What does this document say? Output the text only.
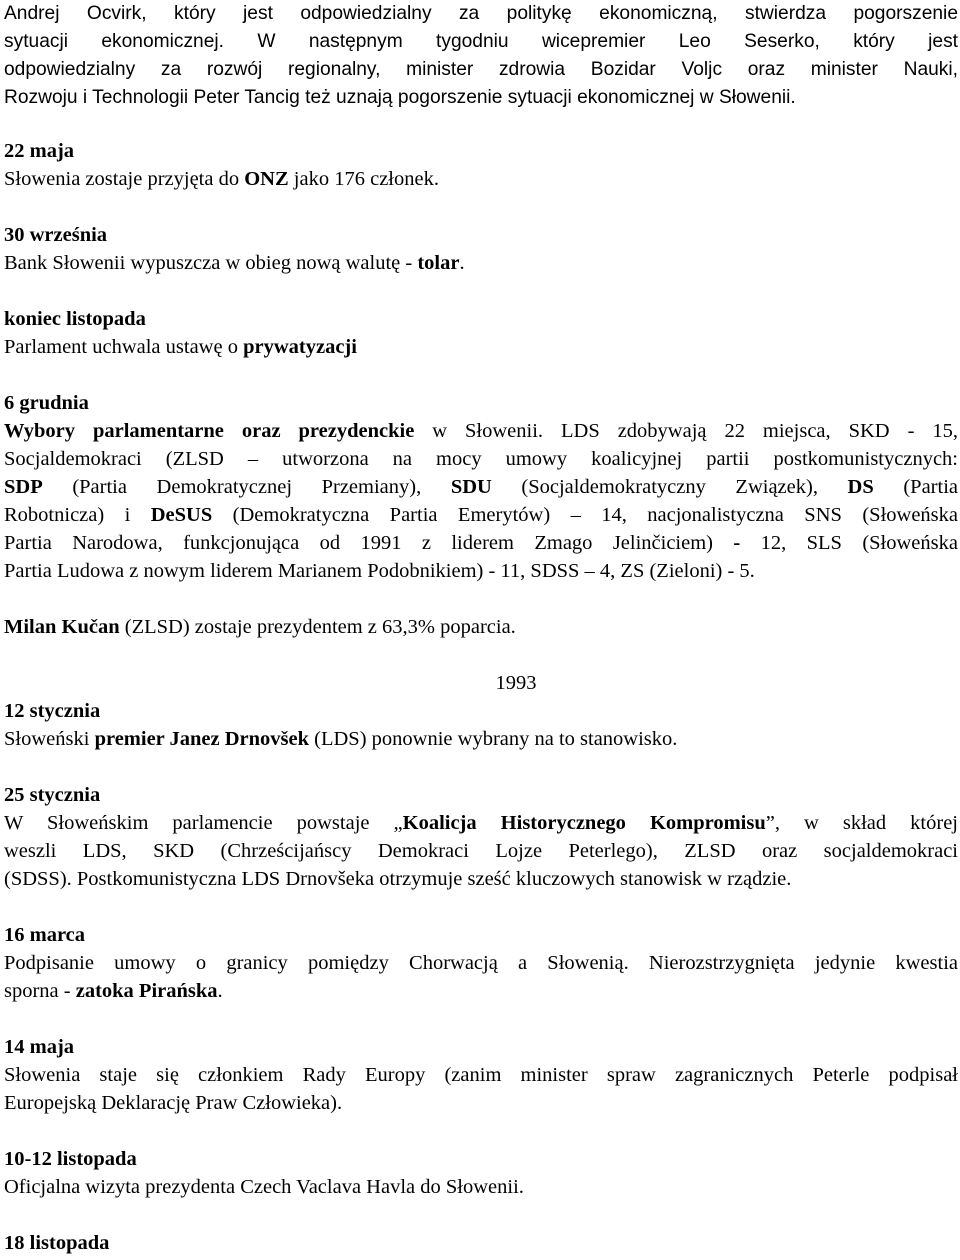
Andrej Ocvirk, który jest odpowiedzialny za politykę ekonomiczną, stwierdza pogorszenie

sytuacji ekonomicznej. W następnym tygodniu wicepremier Leo Seserko, który jest

odpowiedzialny za rozwój regionalny, minister zdrowia Bozidar Voljc oraz minister Nauki,

Rozwoju i Technologii Peter Tancig też uznają pogorszenie sytuacji ekonomicznej w Słowenii.

22 maja

Słowenia zostaje przyjęta do ONZ jako 176 członek.

30 września

Bank Słowenii wypuszcza w obieg nową walutę - tolar.

koniec listopada

Parlament uchwala ustawę o prywatyzacji

6 grudnia

Wybory parlamentarne oraz prezydenckie w Słowenii. LDS zdobywają 22 miejsca, SKD - 15,

Socjaldemokraci (ZLSD – utworzona na mocy umowy koalicyjnej partii postkomunistycznych:

SDP (Partia Demokratycznej Przemiany), SDU (Socjaldemokratyczny Związek), DS (Partia

Robotnicza) i DeSUS (Demokratyczna Partia Emerytów) – 14, nacjonalistyczna SNS (Słoweńska

Partia Narodowa, funkcjonująca od 1991 z liderem Zmago Jelinčiciem) - 12, SLS (Słoweńska

Partia Ludowa z nowym liderem Marianem Podobnikiem) - 11, SDSS – 4, ZS (Zieloni) - 5.

Milan Kučan (ZLSD) zostaje prezydentem z 63,3% poparcia.

1993

12 stycznia

Słoweński premier Janez Drnovšek (LDS) ponownie wybrany na to stanowisko.

25 stycznia

W Słoweńskim parlamencie powstaje „Koalicja Historycznego Kompromisu”, w skład której

weszli LDS, SKD (Chrześcijańscy Demokraci Lojze Peterlego), ZLSD oraz socjaldemokraci

(SDSS). Postkomunistyczna LDS Drnovšeka otrzymuje sześć kluczowych stanowisk w rządzie.

16 marca

Podpisanie umowy o granicy pomiędzy Chorwacją a Słowenią. Nierozstrzygnięta jedynie kwestia

sporna - zatoka Pirańska.

14 maja

Słowenia staje się członkiem Rady Europy (zanim minister spraw zagranicznych Peterle podpisał

Europejską Deklarację Praw Człowieka).

10-12 listopada

Oficjalna wizyta prezydenta Czech Vaclava Havla do Słowenii.

18 listopada
